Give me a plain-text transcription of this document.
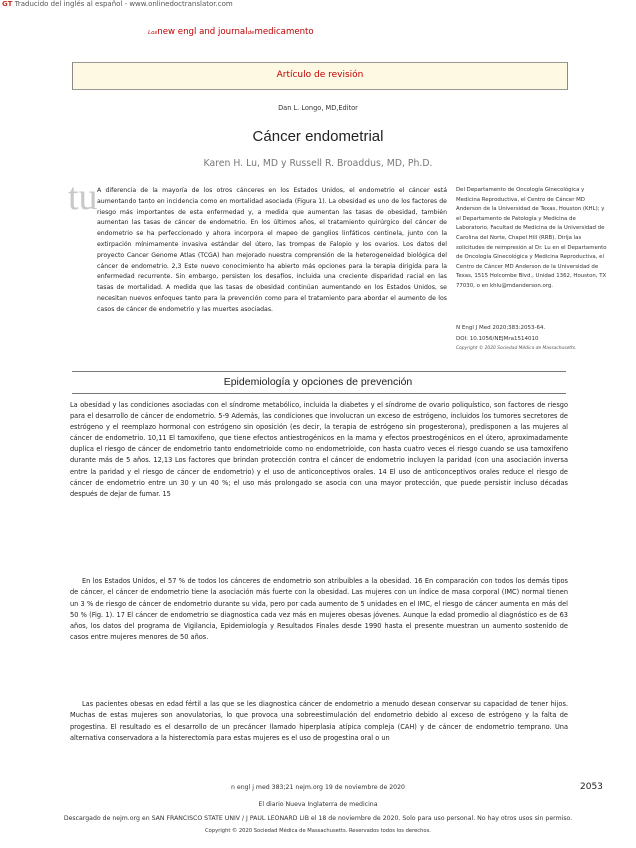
GT Traducido del inglés al español - www.onlinedoctranslator.com
Losnew engl and journaldemedicamento
Artículo de revisión
Dan L. Longo, MD,Editor
Cáncer endometrial
Karen H. Lu, MD y Russell R. Broaddus, MD, Ph.D.
tu A diferencia de la mayoría de los otros cánceres en los Estados Unidos, el endometrio el cáncer está aumentando tanto en incidencia como en mortalidad asociada (Figura 1). La obesidad es uno de los factores de riesgo más importantes de esta enfermedad y, a medida que aumentan las tasas de obesidad, también aumentan las tasas de cáncer de endometrio. En los últimos años, el tratamiento quirúrgico del cáncer de endometrio se ha perfeccionado y ahora incorpora el mapeo de ganglios linfáticos centinela, junto con la extirpación mínimamente invasiva estándar del útero, las trompas de Falopio y los ovarios. Los datos del proyecto Cancer Genome Atlas (TCGA) han mejorado nuestra comprensión de la heterogeneidad biológica del cáncer de endometrio. 2,3 Este nuevo conocimiento ha abierto más opciones para la terapia dirigida para la enfermedad recurrente. Sin embargo, persisten los desafíos, incluida una creciente disparidad racial en las tasas de mortalidad. A medida que las tasas de obesidad continúan aumentando en los Estados Unidos, se necesitan nuevos enfoques tanto para la prevención como para el tratamiento para abordar el aumento de los casos de cáncer de endometrio y las muertes asociadas.
Del Departamento de Oncología Ginecológica y Medicina Reproductiva, el Centro de Cáncer MD Anderson de la Universidad de Texas, Houston (KHL); y el Departamento de Patología y Medicina de Laboratorio, Facultad de Medicina de la Universidad de Carolina del Norte, Chapel Hill (RRB). Dirija las solicitudes de reimpresión al Dr. Lu en el Departamento de Oncología Ginecológica y Medicina Reproductiva, el Centro de Cáncer MD Anderson de la Universidad de Texas, 1515 Holcombe Blvd., Unidad 1362, Houston, TX 77030, o en khlu@mdanderson.org.
N Engl J Med 2020;383:2053-64.
DOI: 10.1056/NEJMra1514010
Copyright © 2020 Sociedad Médica de Massachusetts.
Epidemiología y opciones de prevención
La obesidad y las condiciones asociadas con el síndrome metabólico, incluida la diabetes y el síndrome de ovario poliquístico, son factores de riesgo para el desarrollo de cáncer de endometrio. 5-9 Además, las condiciones que involucran un exceso de estrógeno, incluidos los tumores secretores de estrógeno y el reemplazo hormonal con estrógeno sin oposición (es decir, la terapia de estrógeno sin progesterona), predisponen a las mujeres al cáncer de endometrio. 10,11 El tamoxifeno, que tiene efectos antiestrogénicos en la mama y efectos proestrogénicos en el útero, aproximadamente duplica el riesgo de cáncer de endometrio tanto endometrioide como no endometrioide, con hasta cuatro veces el riesgo cuando se usa tamoxifeno durante más de 5 años. 12,13 Los factores que brindan protección contra el cáncer de endometrio incluyen la paridad (con una asociación inversa entre la paridad y el riesgo de cáncer de endometrio) y el uso de anticonceptivos orales. 14 El uso de anticonceptivos orales reduce el riesgo de cáncer de endometrio entre un 30 y un 40 %; el uso más prolongado se asocia con una mayor protección, que puede persistir incluso décadas después de dejar de fumar. 15
En los Estados Unidos, el 57 % de todos los cánceres de endometrio son atribuibles a la obesidad. 16 En comparación con todos los demás tipos de cáncer, el cáncer de endometrio tiene la asociación más fuerte con la obesidad. Las mujeres con un índice de masa corporal (IMC) normal tienen un 3 % de riesgo de cáncer de endometrio durante su vida, pero por cada aumento de 5 unidades en el IMC, el riesgo de cáncer aumenta en más del 50 % (Fig. 1). 17 El cáncer de endometrio se diagnostica cada vez más en mujeres obesas jóvenes. Aunque la edad promedio al diagnóstico es de 63 años, los datos del programa de Vigilancia, Epidemiología y Resultados Finales desde 1990 hasta el presente muestran un aumento sostenido de casos entre mujeres menores de 50 años.
Las pacientes obesas en edad fértil a las que se les diagnostica cáncer de endometrio a menudo desean conservar su capacidad de tener hijos. Muchas de estas mujeres son anovulatorias, lo que provoca una sobreestimulación del endometrio debido al exceso de estrógeno y la falta de progestina. El resultado es el desarrollo de un precáncer llamado hiperplasia atípica compleja (CAH) y de cáncer de endometrio temprano. Una alternativa conservadora a la histerectomía para estas mujeres es el uso de progestina oral o un
n engl j med 383;21 nejm.org 19 de noviembre de 2020	2053
El diario Nueva Inglaterra de medicina
Descargado de nejm.org en SAN FRANCISCO STATE UNIV / J PAUL LEONARD LIB el 18 de noviembre de 2020. Solo para uso personal. No hay otros usos sin permiso.
Copyright © 2020 Sociedad Médica de Massachusetts. Reservados todos los derechos.
